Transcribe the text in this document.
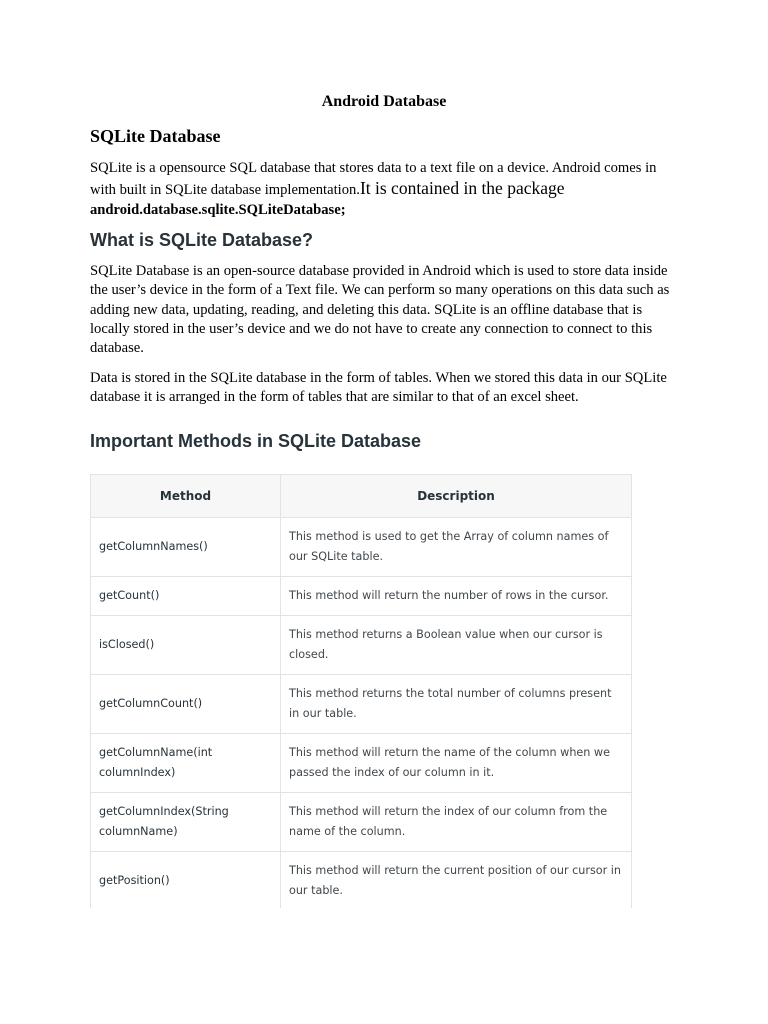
Android Database
SQLite Database

SQLite is a opensource SQL database that stores data to a text file on a device. Android comes in with built in SQLite database implementation.It is contained in the package
android.database.sqlite.SQLiteDatabase;

What is SQLite Database?

SQLite Database is an open-source database provided in Android which is used to store data inside the user’s device in the form of a Text file. We can perform so many operations on this data such as adding new data, updating, reading, and deleting this data. SQLite is an offline database that is locally stored in the user’s device and we do not have to create any connection to connect to this database.

Data is stored in the SQLite database in the form of tables. When we stored this data in our SQLite database it is arranged in the form of tables that are similar to that of an excel sheet.

Important Methods in SQLite Database
Method	Description
getColumnNames()	This method is used to get the Array of column names of our SQLite table.
getCount()	This method will return the number of rows in the cursor.
isClosed()	This method returns a Boolean value when our cursor is closed.
getColumnCount()	This method returns the total number of columns present in our table.
getColumnName(int columnIndex)	This method will return the name of the column when we passed the index of our column in it.
getColumnIndex(String columnName)	This method will return the index of our column from the name of the column.
getPosition()	This method will return the current position of our cursor in our table.
